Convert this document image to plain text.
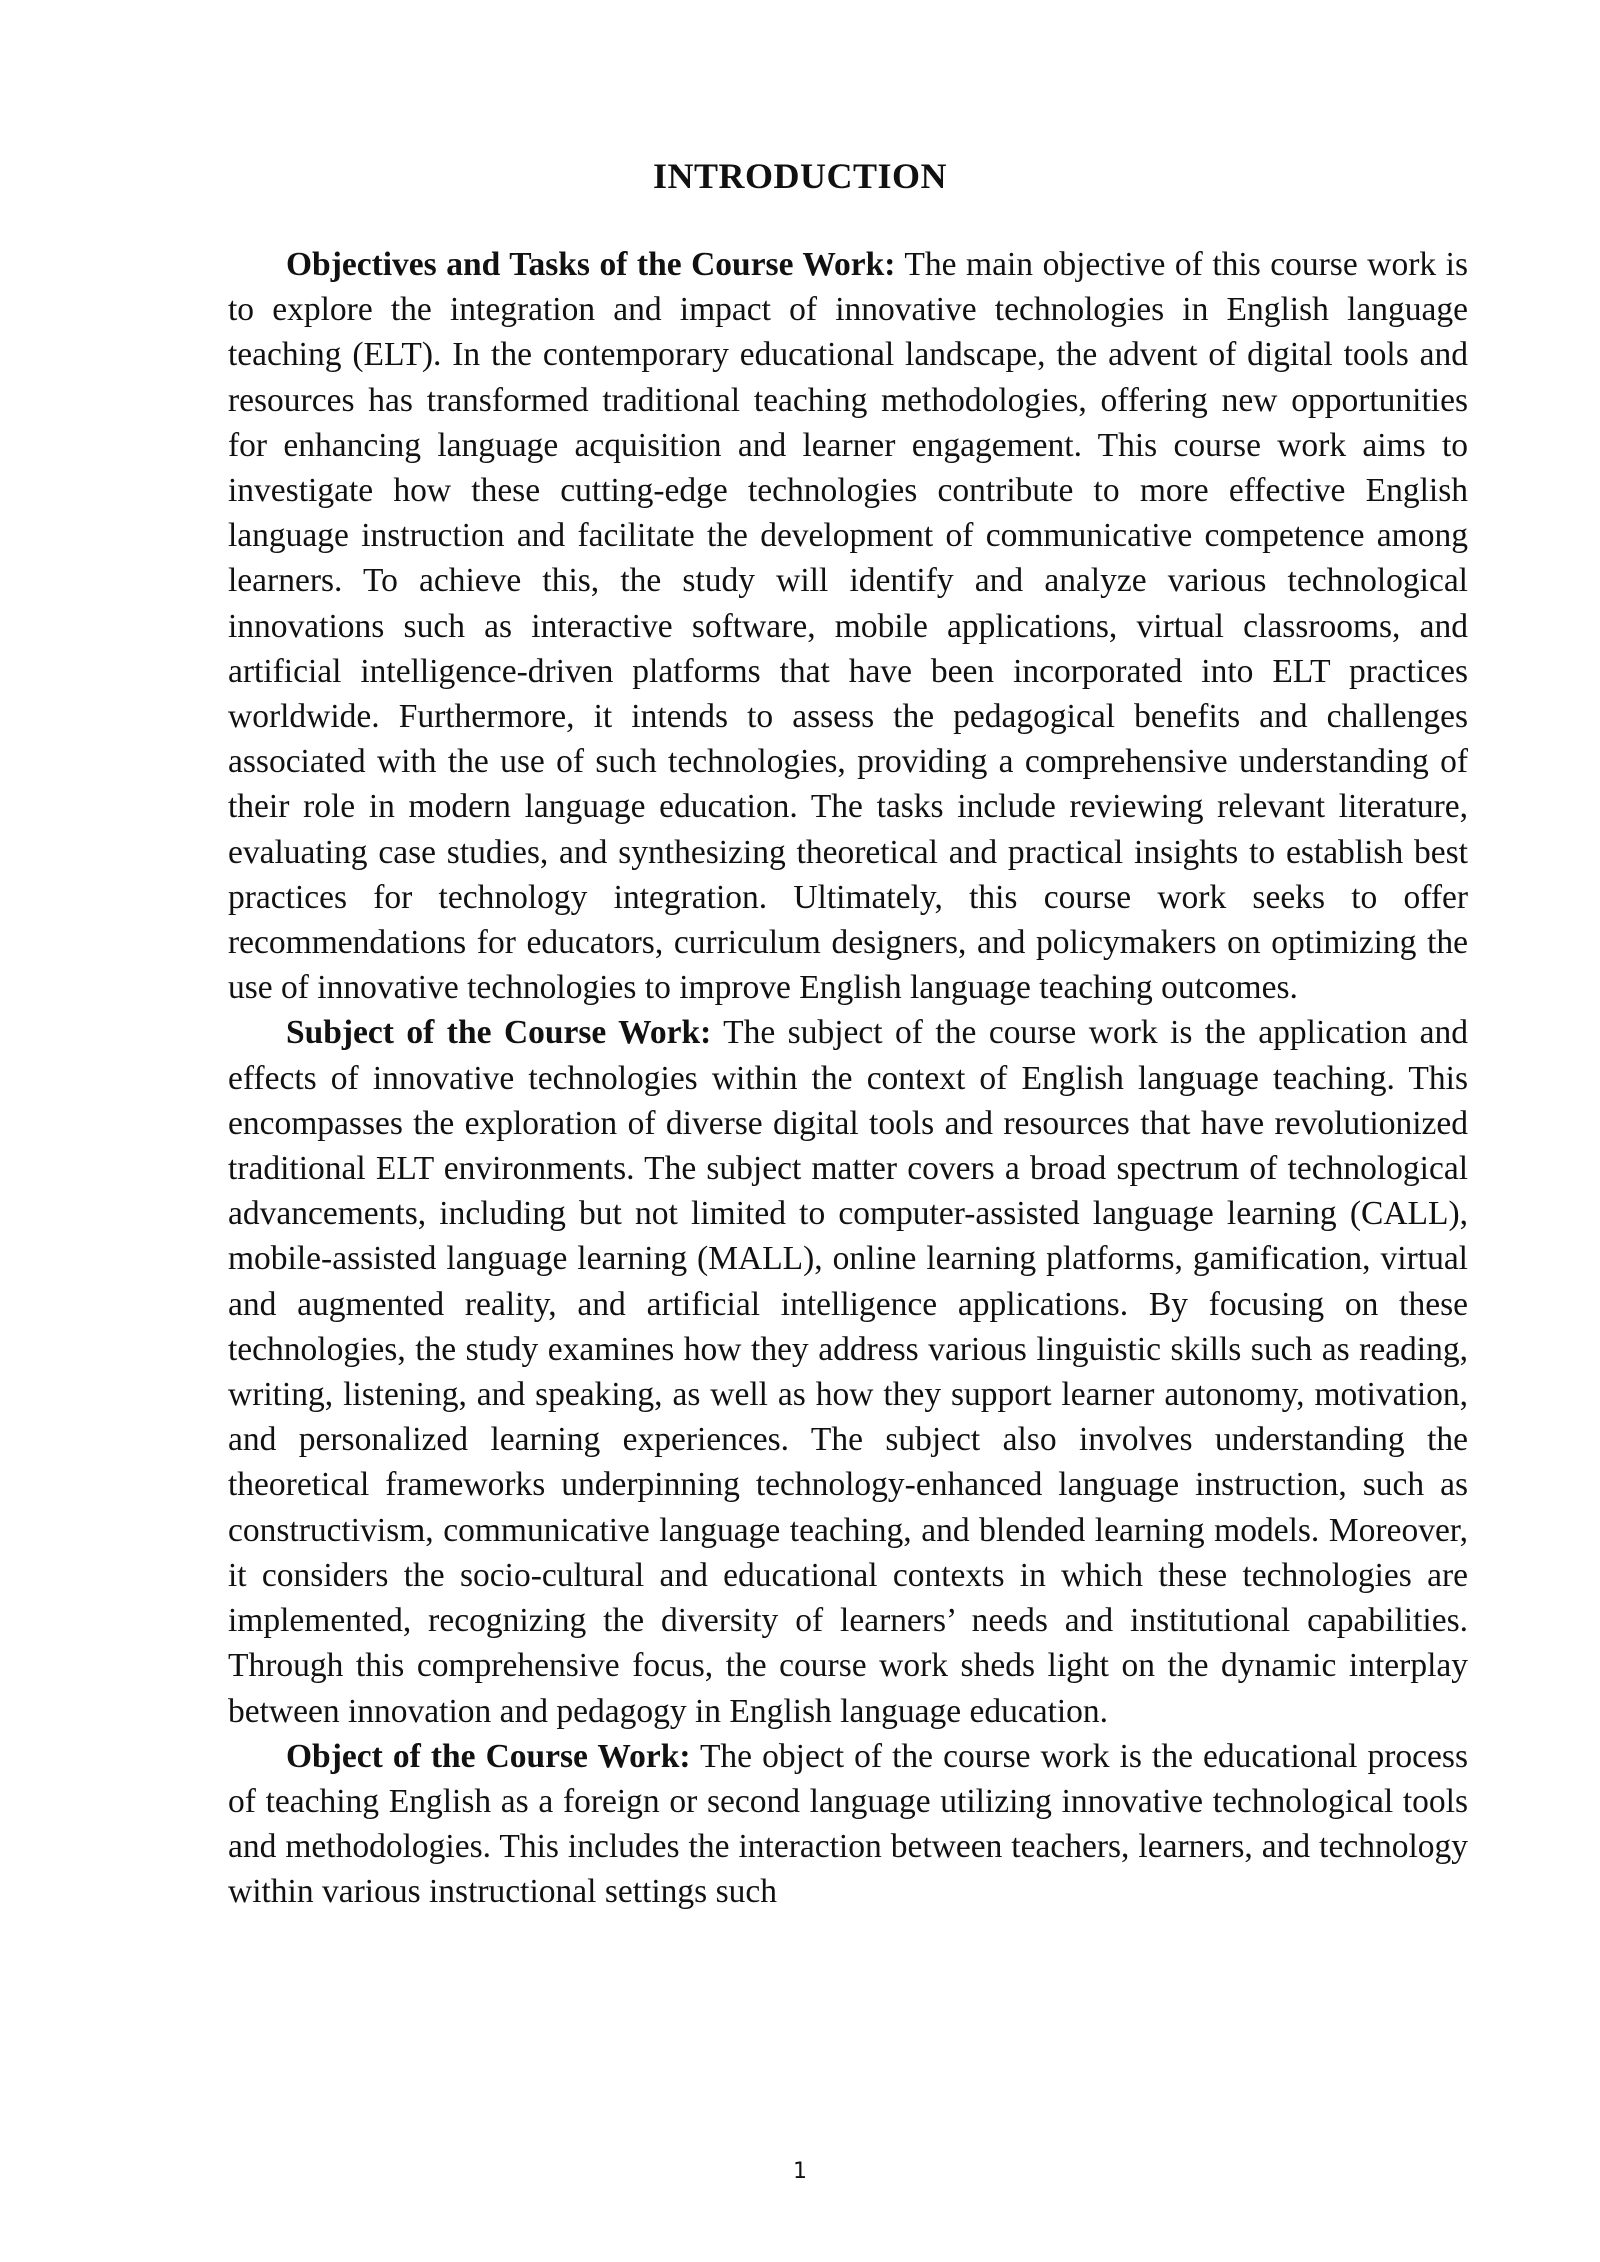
INTRODUCTION

Objectives and Tasks of the Course Work: The main objective of this course work is to explore the integration and impact of innovative technologies in English language teaching (ELT). In the contemporary educational landscape, the advent of digital tools and resources has transformed traditional teaching methodologies, offering new opportunities for enhancing language acquisition and learner engagement. This course work aims to investigate how these cutting-edge technologies contribute to more effective English language instruction and facilitate the development of communicative competence among learners. To achieve this, the study will identify and analyze various technological innovations such as interactive software, mobile applications, virtual classrooms, and artificial intelligence-driven platforms that have been incorporated into ELT practices worldwide. Furthermore, it intends to assess the pedagogical benefits and challenges associated with the use of such technologies, providing a comprehensive understanding of their role in modern language education. The tasks include reviewing relevant literature, evaluating case studies, and synthesizing theoretical and practical insights to establish best practices for technology integration. Ultimately, this course work seeks to offer recommendations for educators, curriculum designers, and policymakers on optimizing the use of innovative technologies to improve English language teaching outcomes.

Subject of the Course Work: The subject of the course work is the application and effects of innovative technologies within the context of English language teaching. This encompasses the exploration of diverse digital tools and resources that have revolutionized traditional ELT environments. The subject matter covers a broad spectrum of technological advancements, including but not limited to computer-assisted language learning (CALL), mobile-assisted language learning (MALL), online learning platforms, gamification, virtual and augmented reality, and artificial intelligence applications. By focusing on these technologies, the study examines how they address various linguistic skills such as reading, writing, listening, and speaking, as well as how they support learner autonomy, motivation, and personalized learning experiences. The subject also involves understanding the theoretical frameworks underpinning technology-enhanced language instruction, such as constructivism, communicative language teaching, and blended learning models. Moreover, it considers the socio-cultural and educational contexts in which these technologies are implemented, recognizing the diversity of learners’ needs and institutional capabilities. Through this comprehensive focus, the course work sheds light on the dynamic interplay between innovation and pedagogy in English language education.

Object of the Course Work: The object of the course work is the educational process of teaching English as a foreign or second language utilizing innovative technological tools and methodologies. This includes the interaction between teachers, learners, and technology within various instructional settings such

1
